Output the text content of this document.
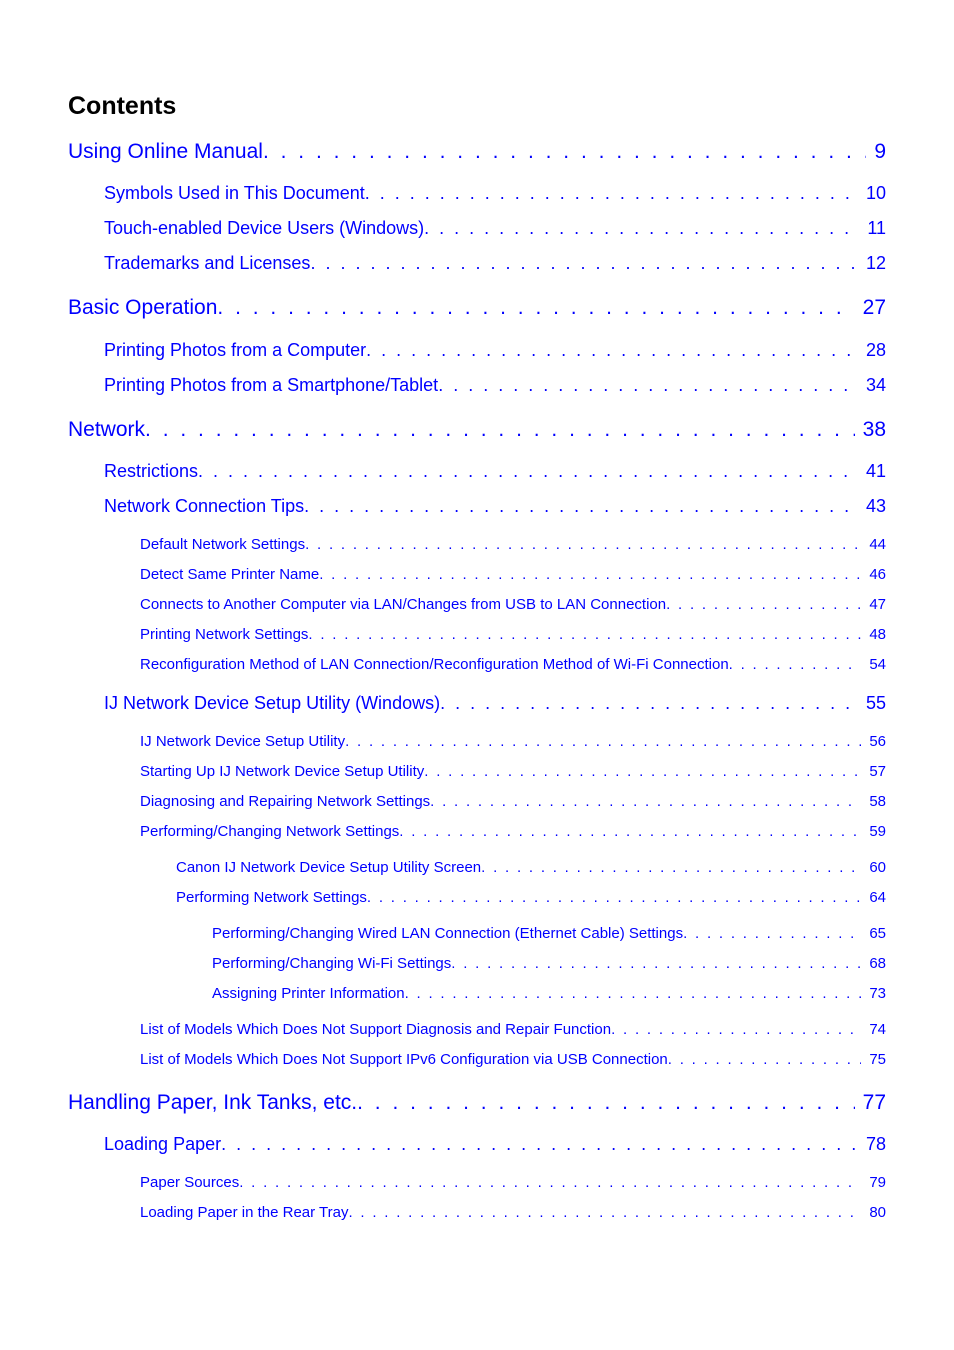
Contents
Using Online Manual . . .	9
Symbols Used in This Document . . .	10
Touch-enabled Device Users (Windows) . . .	11
Trademarks and Licenses . . .	12
Basic Operation . . .	27
Printing Photos from a Computer . . .	28
Printing Photos from a Smartphone/Tablet . . .	34
Network . . .	38
Restrictions . . .	41
Network Connection Tips . . .	43
Default Network Settings . . .	44
Detect Same Printer Name . . .	46
Connects to Another Computer via LAN/Changes from USB to LAN Connection . . .	47
Printing Network Settings . . .	48
Reconfiguration Method of LAN Connection/Reconfiguration Method of Wi-Fi Connection . . .	54
IJ Network Device Setup Utility (Windows) . . .	55
IJ Network Device Setup Utility . . .	56
Starting Up IJ Network Device Setup Utility . . .	57
Diagnosing and Repairing Network Settings . . .	58
Performing/Changing Network Settings . . .	59
Canon IJ Network Device Setup Utility Screen . . .	60
Performing Network Settings . . .	64
Performing/Changing Wired LAN Connection (Ethernet Cable) Settings . . .	65
Performing/Changing Wi-Fi Settings . . .	68
Assigning Printer Information . . .	73
List of Models Which Does Not Support Diagnosis and Repair Function . . .	74
List of Models Which Does Not Support IPv6 Configuration via USB Connection . . .	75
Handling Paper, Ink Tanks, etc. . . .	77
Loading Paper . . .	78
Paper Sources . . .	79
Loading Paper in the Rear Tray . . .	80
